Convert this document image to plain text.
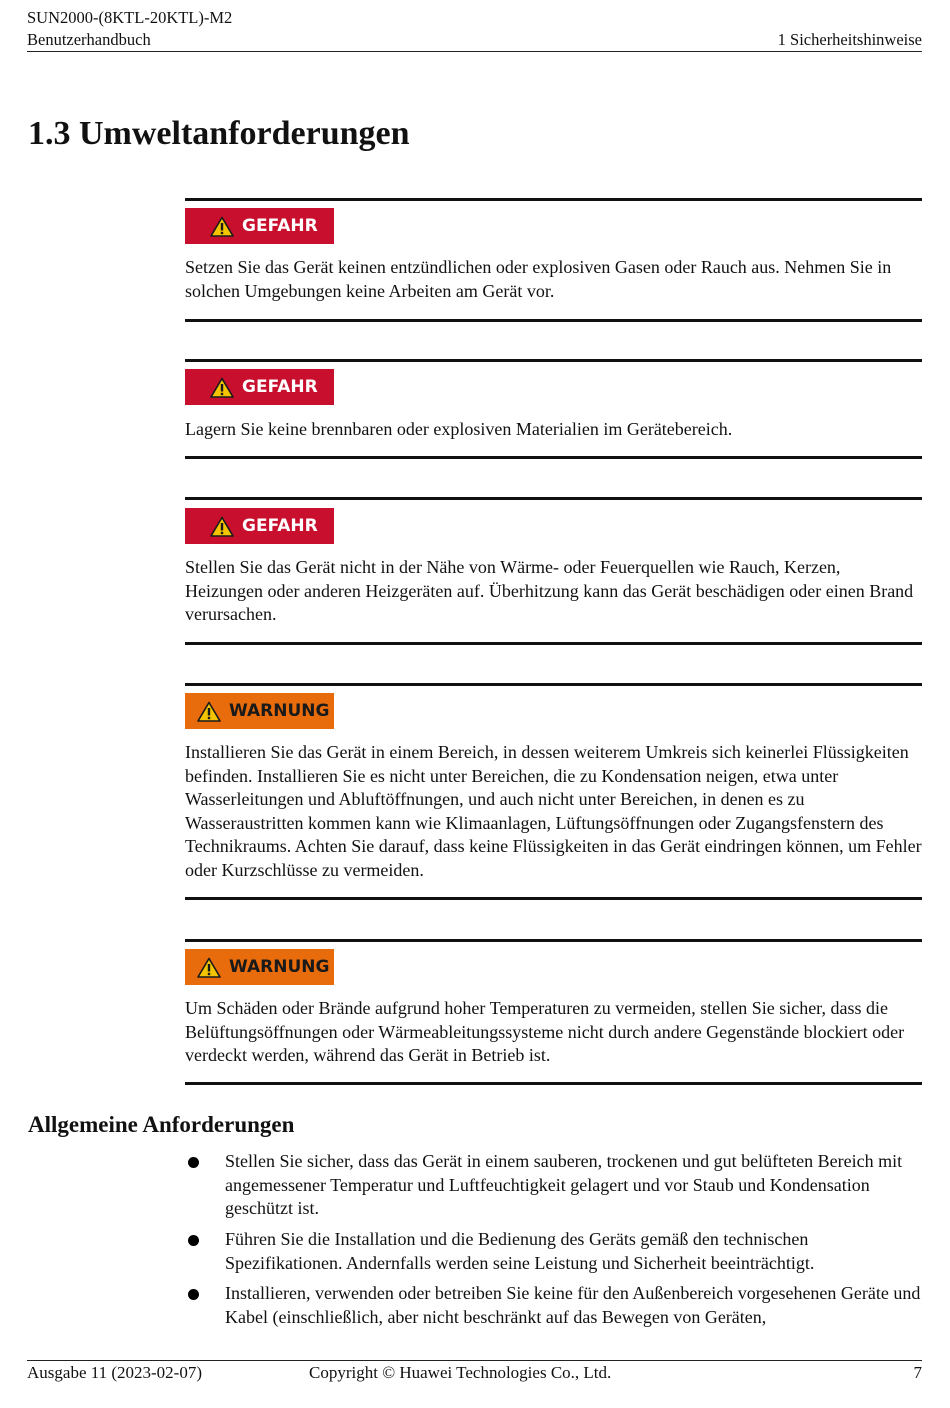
SUN2000-(8KTL-20KTL)-M2
Benutzerhandbuch	1 Sicherheitshinweise
1.3 Umweltanforderungen
GEFAHR
Setzen Sie das Gerät keinen entzündlichen oder explosiven Gasen oder Rauch aus. Nehmen Sie in solchen Umgebungen keine Arbeiten am Gerät vor.
GEFAHR
Lagern Sie keine brennbaren oder explosiven Materialien im Gerätebereich.
GEFAHR
Stellen Sie das Gerät nicht in der Nähe von Wärme- oder Feuerquellen wie Rauch, Kerzen, Heizungen oder anderen Heizgeräten auf. Überhitzung kann das Gerät beschädigen oder einen Brand verursachen.
WARNUNG
Installieren Sie das Gerät in einem Bereich, in dessen weiterem Umkreis sich keinerlei Flüssigkeiten befinden. Installieren Sie es nicht unter Bereichen, die zu Kondensation neigen, etwa unter Wasserleitungen und Abluftöffnungen, und auch nicht unter Bereichen, in denen es zu Wasseraustritten kommen kann wie Klimaanlagen, Lüftungsöffnungen oder Zugangsfenstern des Technikraums. Achten Sie darauf, dass keine Flüssigkeiten in das Gerät eindringen können, um Fehler oder Kurzschlüsse zu vermeiden.
WARNUNG
Um Schäden oder Brände aufgrund hoher Temperaturen zu vermeiden, stellen Sie sicher, dass die Belüftungsöffnungen oder Wärmeableitungssysteme nicht durch andere Gegenstände blockiert oder verdeckt werden, während das Gerät in Betrieb ist.
Allgemeine Anforderungen
Stellen Sie sicher, dass das Gerät in einem sauberen, trockenen und gut belüfteten Bereich mit angemessener Temperatur und Luftfeuchtigkeit gelagert und vor Staub und Kondensation geschützt ist.
Führen Sie die Installation und die Bedienung des Geräts gemäß den technischen Spezifikationen. Andernfalls werden seine Leistung und Sicherheit beeinträchtigt.
Installieren, verwenden oder betreiben Sie keine für den Außenbereich vorgesehenen Geräte und Kabel (einschließlich, aber nicht beschränkt auf das Bewegen von Geräten,
Ausgabe 11 (2023-02-07)	Copyright © Huawei Technologies Co., Ltd.	7
